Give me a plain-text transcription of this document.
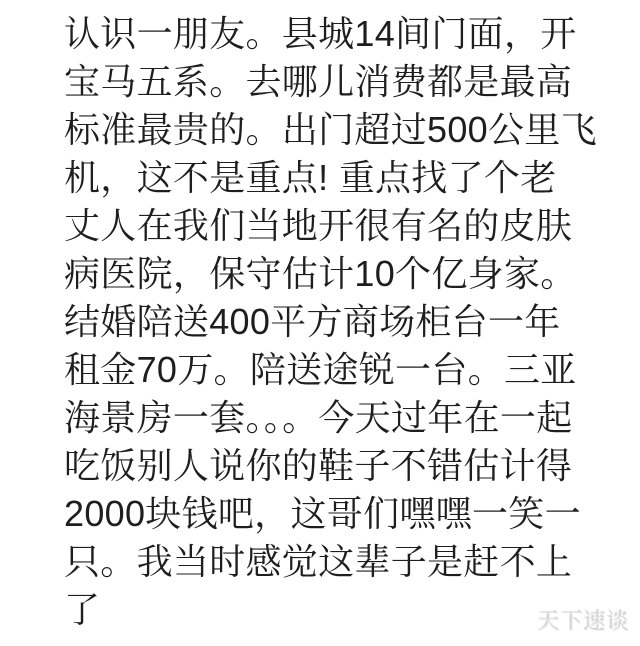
认识一朋友。县城14间门面，开
宝马五系。去哪儿消费都是最高
标准最贵的。出门超过500公里飞
机，这不是重点! 重点找了个老
丈人在我们当地开很有名的皮肤
病医院，保守估计10个亿身家。
结婚陪送400平方商场柜台一年
租金70万。陪送途锐一台。三亚
海景房一套。。。今天过年在一起
吃饭别人说你的鞋子不错估计得
2000块钱吧，这哥们嘿嘿一笑一
只。我当时感觉这辈子是赶不上
了	天下速谈
